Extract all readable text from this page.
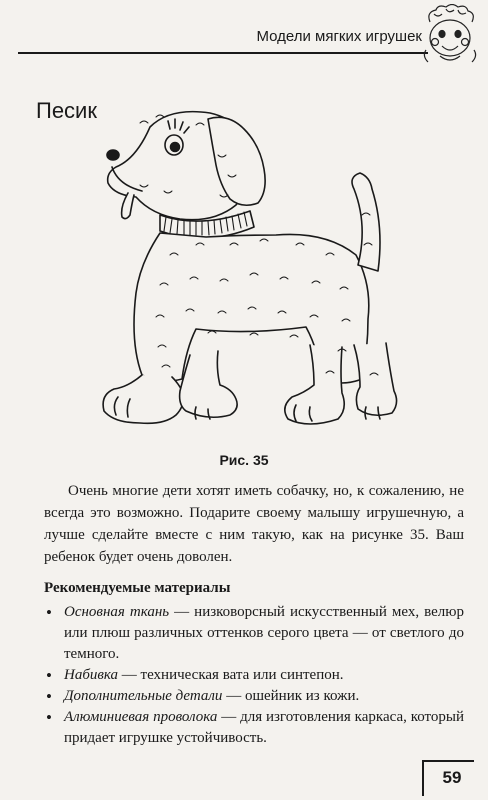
Модели мягких игрушек
Песик
Рис. 35

Очень многие дети хотят иметь собачку, но, к сожалению, не всегда это возможно. Подарите своему малышу игрушечную, а лучше сделайте вместе с ним такую, как на рисунке 35. Ваш ребенок будет очень доволен.

Рекомендуемые материалы
• Основная ткань — низковорсный искусственный мех, велюр или плюш различных оттенков серого цвета — от светлого до темного.
• Набивка — техническая вата или синтепон.
• Дополнительные детали — ошейник из кожи.
• Алюминиевая проволока — для изготовления каркаса, который придает игрушке устойчивость.
59
